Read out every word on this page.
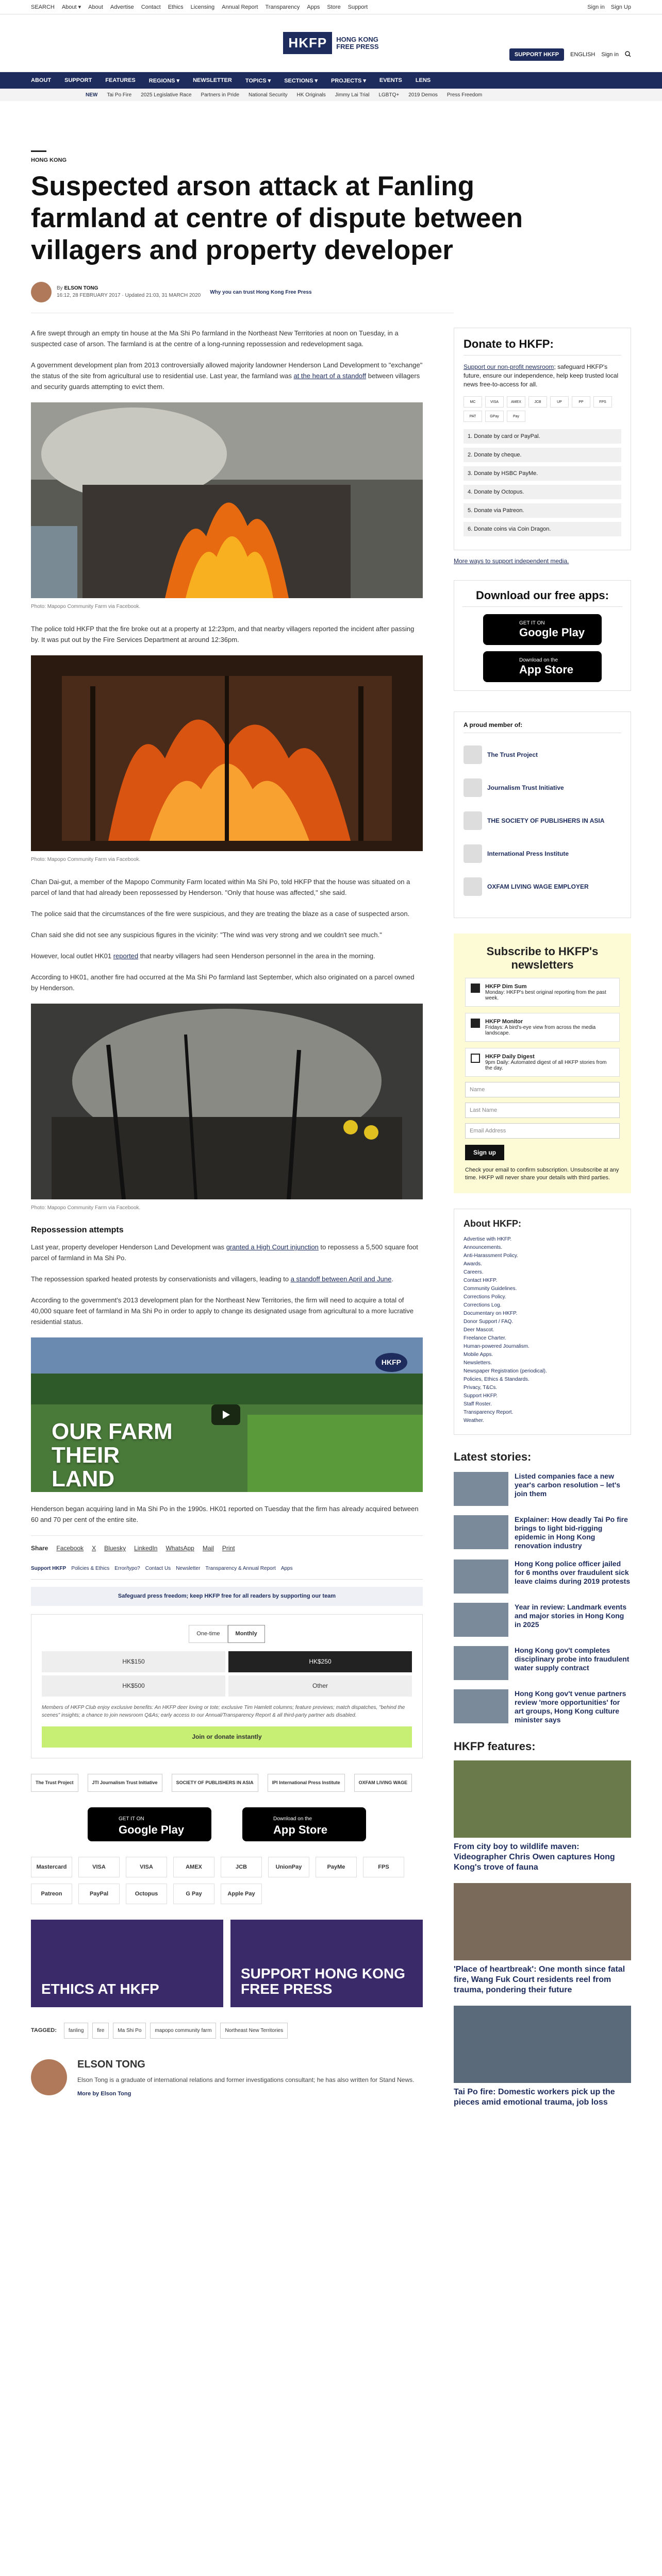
SEARCH About ▾ About Advertise Contact Ethics Licensing Annual Report Transparency Apps Store Support	Sign in Sign Up
HKFP	HONG KONG
FREE PRESS
SUPPORT HKFP	ENGLISH Sign in
ABOUT SUPPORT FEATURES REGIONS ▾ NEWSLETTER TOPICS ▾ SECTIONS ▾ PROJECTS ▾ EVENTS LENS
NEW Tai Po Fire 2025 Legislative Race Partners in Pride National Security HK Originals Jimmy Lai Trial LGBTQ+ 2019 Demos Press Freedom
HONG KONG
Suspected arson attack at Fanling farmland at centre of dispute between villagers and property developer
By ELSON TONG
16:12, 28 FEBRUARY 2017 · Updated 21:03, 31 MARCH 2020
Why you can trust Hong Kong Free Press

A fire swept through an empty tin house at the Ma Shi Po farmland in the Northeast New Territories at noon on Tuesday, in a suspected case of arson. The farmland is at the centre of a long-running repossession and redevelopment saga.

A government development plan from 2013 controversially allowed majority landowner Henderson Land Development to "exchange" the status of the site from agricultural use to residential use. Last year, the farmland was at the heart of a standoff between villagers and security guards attempting to evict them.

Photo: Mapopo Community Farm via Facebook.

The police told HKFP that the fire broke out at a property at 12:23pm, and that nearby villagers reported the incident after passing by. It was put out by the Fire Services Department at around 12:36pm.

Photo: Mapopo Community Farm via Facebook.

Chan Dai-gut, a member of the Mapopo Community Farm located within Ma Shi Po, told HKFP that the house was situated on a parcel of land that had already been repossessed by Henderson. "Only that house was affected," she said.

The police said that the circumstances of the fire were suspicious, and they are treating the blaze as a case of suspected arson.

Chan said she did not see any suspicious figures in the vicinity: "The wind was very strong and we couldn't see much."

However, local outlet HK01 reported that nearby villagers had seen Henderson personnel in the area in the morning.

According to HK01, another fire had occurred at the Ma Shi Po farmland last September, which also originated on a parcel owned by Henderson.

Photo: Mapopo Community Farm via Facebook.
Repossession attempts

Last year, property developer Henderson Land Development was granted a High Court injunction to repossess a 5,500 square foot parcel of farmland in Ma Shi Po.

The repossession sparked heated protests by conservationists and villagers, leading to a standoff between April and June.

According to the government's 2013 development plan for the Northeast New Territories, the firm will need to acquire a total of 40,000 square feet of farmland in Ma Shi Po in order to apply to change its designated usage from agricultural to a more lucrative residential status.

HKFP
OUR FARM
THEIR
LAND

Henderson began acquiring land in Ma Shi Po in the 1990s. HK01 reported on Tuesday that the firm has already acquired between 60 and 70 per cent of the entire site.

Share Facebook X Bluesky LinkedIn WhatsApp Mail Print
Support HKFP Policies & Ethics Error/typo? Contact Us Newsletter Transparency & Annual Report Apps
Safeguard press freedom; keep HKFP free for all readers by supporting our team
One-time	Monthly
HK$150	HK$250
HK$500	Other
Members of HKFP Club enjoy exclusive benefits: An HKFP deer loving or tote; exclusive Tim Hamlett columns; feature previews; match dispatches, "behind the scenes" insights; a chance to join newsroom Q&As; early access to our Annual/Transparency Report & all third-party partner ads disabled.
Join or donate instantly
The Trust Project	JTI Journalism Trust Initiative	SOCIETY OF PUBLISHERS IN ASIA	IPI International Press Institute	OXFAM LIVING WAGE
GET IT ON
Google Play
Download on the
App Store
Mastercard	VISA	VISA	AMEX	JCB	UnionPay	PayMe	FPS
Patreon	PayPal	Octopus	G Pay	Apple Pay
ETHICS AT HKFP
SUPPORT HONG KONG FREE PRESS
TAGGED:	fanling	fire	Ma Shi Po	mapopo community farm	Northeast New Territories
ELSON TONG
Elson Tong is a graduate of international relations and former investigations consultant; he has also written for Stand News.
More by Elson Tong
Donate to HKFP:

Support our non-profit newsroom; safeguard HKFP's future, ensure our independence, help keep trusted local news free-to-access for all.

MC	VISA	AMEX	JCB	UP	PP	FPS
PAT	GPay	Pay
1. Donate by card or PayPal.
2. Donate by cheque.
3. Donate by HSBC PayMe.
4. Donate by Octopus.
5. Donate via Patreon.
6. Donate coins via Coin Dragon.
More ways to support independent media.
Download our free apps:
GET IT ON
Google Play
Download on the
App Store
A proud member of:
The Trust Project
Journalism Trust Initiative
THE SOCIETY OF PUBLISHERS IN ASIA
International Press Institute
OXFAM LIVING WAGE EMPLOYER
Subscribe to HKFP's newsletters
HKFP Dim Sum
Monday: HKFP's best original reporting from the past week.
HKFP Monitor
Fridays: A bird's-eye view from across the media landscape.
HKFP Daily Digest
9pm Daily: Automated digest of all HKFP stories from the day.
Name
Last Name
Email Address
Sign up
Check your email to confirm subscription. Unsubscribe at any time. HKFP will never share your details with third parties.
About HKFP:
Advertise with HKFP.
Announcements.
Anti-Harassment Policy.
Awards.
Careers.
Contact HKFP.
Community Guidelines.
Corrections Policy.
Corrections Log.
Documentary on HKFP.
Donor Support / FAQ.
Deer Mascot.
Freelance Charter.
Human-powered Journalism.
Mobile Apps.
Newsletters.
Newspaper Registration (periodical).
Policies, Ethics & Standards.
Privacy, T&Cs.
Support HKFP.
Staff Roster.
Transparency Report.
Weather.
Latest stories:
Listed companies face a new year's carbon resolution – let's join them
Explainer: How deadly Tai Po fire brings to light bid-rigging epidemic in Hong Kong renovation industry
Hong Kong police officer jailed for 6 months over fraudulent sick leave claims during 2019 protests
Year in review: Landmark events and major stories in Hong Kong in 2025
Hong Kong gov't completes disciplinary probe into fraudulent water supply contract
Hong Kong gov't venue partners review 'more opportunities' for art groups, Hong Kong culture minister says
HKFP features:
From city boy to wildlife maven: Videographer Chris Owen captures Hong Kong's trove of fauna
'Place of heartbreak': One month since fatal fire, Wang Fuk Court residents reel from trauma, pondering their future
Tai Po fire: Domestic workers pick up the pieces amid emotional trauma, job loss
